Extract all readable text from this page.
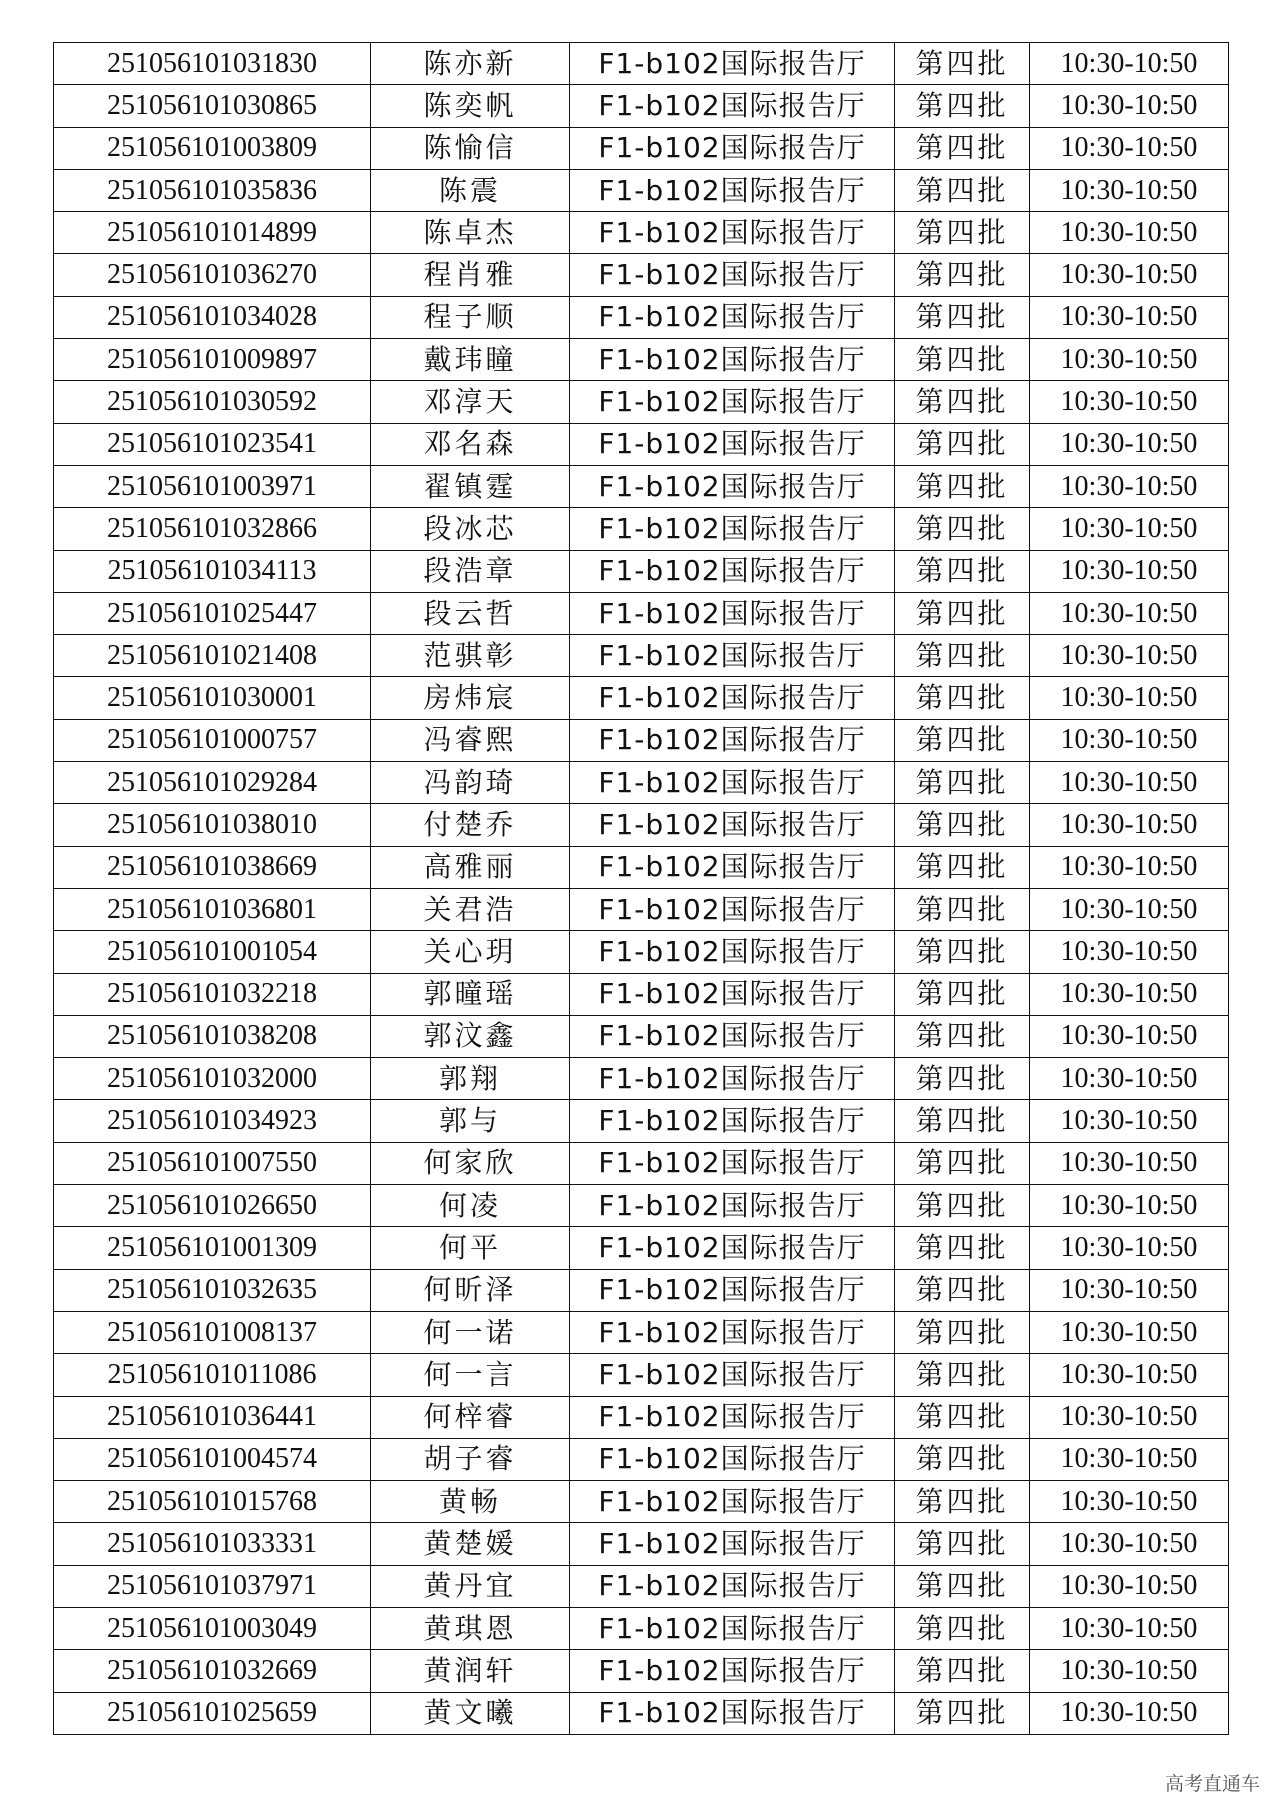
251056101031830	陈亦新	F1-b102国际报告厅	第四批	10:30-10:50
251056101030865	陈奕帆	F1-b102国际报告厅	第四批	10:30-10:50
251056101003809	陈愉信	F1-b102国际报告厅	第四批	10:30-10:50
251056101035836	陈震	F1-b102国际报告厅	第四批	10:30-10:50
251056101014899	陈卓杰	F1-b102国际报告厅	第四批	10:30-10:50
251056101036270	程肖雅	F1-b102国际报告厅	第四批	10:30-10:50
251056101034028	程子顺	F1-b102国际报告厅	第四批	10:30-10:50
251056101009897	戴玮瞳	F1-b102国际报告厅	第四批	10:30-10:50
251056101030592	邓淳天	F1-b102国际报告厅	第四批	10:30-10:50
251056101023541	邓名森	F1-b102国际报告厅	第四批	10:30-10:50
251056101003971	翟镇霆	F1-b102国际报告厅	第四批	10:30-10:50
251056101032866	段冰芯	F1-b102国际报告厅	第四批	10:30-10:50
251056101034113	段浩章	F1-b102国际报告厅	第四批	10:30-10:50
251056101025447	段云哲	F1-b102国际报告厅	第四批	10:30-10:50
251056101021408	范骐彰	F1-b102国际报告厅	第四批	10:30-10:50
251056101030001	房炜宸	F1-b102国际报告厅	第四批	10:30-10:50
251056101000757	冯睿熙	F1-b102国际报告厅	第四批	10:30-10:50
251056101029284	冯韵琦	F1-b102国际报告厅	第四批	10:30-10:50
251056101038010	付楚乔	F1-b102国际报告厅	第四批	10:30-10:50
251056101038669	高雅丽	F1-b102国际报告厅	第四批	10:30-10:50
251056101036801	关君浩	F1-b102国际报告厅	第四批	10:30-10:50
251056101001054	关心玥	F1-b102国际报告厅	第四批	10:30-10:50
251056101032218	郭曈瑶	F1-b102国际报告厅	第四批	10:30-10:50
251056101038208	郭汶鑫	F1-b102国际报告厅	第四批	10:30-10:50
251056101032000	郭翔	F1-b102国际报告厅	第四批	10:30-10:50
251056101034923	郭与	F1-b102国际报告厅	第四批	10:30-10:50
251056101007550	何家欣	F1-b102国际报告厅	第四批	10:30-10:50
251056101026650	何凌	F1-b102国际报告厅	第四批	10:30-10:50
251056101001309	何平	F1-b102国际报告厅	第四批	10:30-10:50
251056101032635	何昕泽	F1-b102国际报告厅	第四批	10:30-10:50
251056101008137	何一诺	F1-b102国际报告厅	第四批	10:30-10:50
251056101011086	何一言	F1-b102国际报告厅	第四批	10:30-10:50
251056101036441	何梓睿	F1-b102国际报告厅	第四批	10:30-10:50
251056101004574	胡子睿	F1-b102国际报告厅	第四批	10:30-10:50
251056101015768	黄畅	F1-b102国际报告厅	第四批	10:30-10:50
251056101033331	黄楚媛	F1-b102国际报告厅	第四批	10:30-10:50
251056101037971	黄丹宜	F1-b102国际报告厅	第四批	10:30-10:50
251056101003049	黄琪恩	F1-b102国际报告厅	第四批	10:30-10:50
251056101032669	黄润轩	F1-b102国际报告厅	第四批	10:30-10:50
251056101025659	黄文曦	F1-b102国际报告厅	第四批	10:30-10:50
高考直通车
